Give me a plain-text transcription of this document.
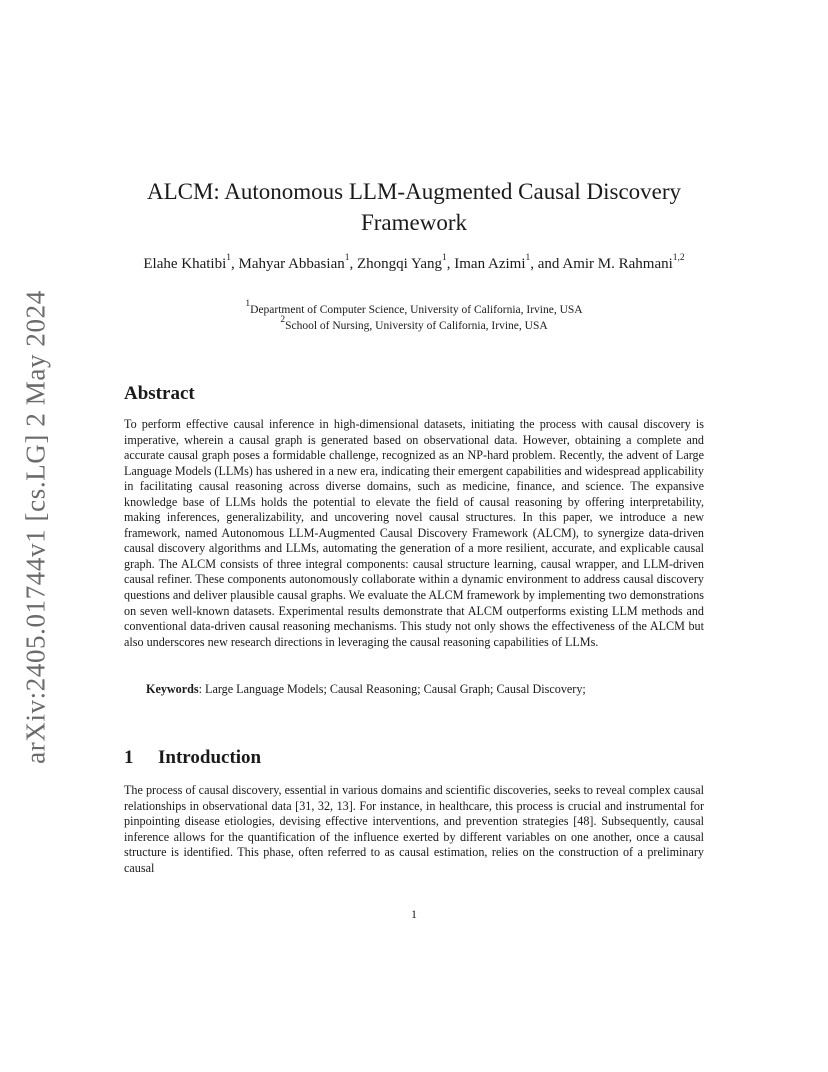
arXiv:2405.01744v1 [cs.LG] 2 May 2024
ALCM: Autonomous LLM-Augmented Causal Discovery Framework

Elahe Khatibi$^1$, Mahyar Abbasian$^1$, Zhongqi Yang$^1$, Iman Azimi$^1$, and Amir M. Rahmani$^{1,2}$

$^1$Department of Computer Science, University of California, Irvine, USA

$^2$School of Nursing, University of California, Irvine, USA

Abstract

To perform effective causal inference in high-dimensional datasets, initiating the process with causal discovery is imperative, wherein a causal graph is generated based on observational data. However, obtaining a complete and accurate causal graph poses a formidable challenge, recognized as an NP-hard problem. Recently, the advent of Large Language Models (LLMs) has ushered in a new era, indicating their emergent capabilities and widespread applicability in facilitating causal reasoning across diverse domains, such as medicine, finance, and science. The expansive knowledge base of LLMs holds the potential to elevate the field of causal reasoning by offering interpretability, making inferences, generalizability, and uncovering novel causal structures. In this paper, we introduce a new framework, named Autonomous LLM-Augmented Causal Discovery Framework (ALCM), to synergize data-driven causal discovery algorithms and LLMs, automating the generation of a more resilient, accurate, and explicable causal graph. The ALCM consists of three integral components: causal structure learning, causal wrapper, and LLM-driven causal refiner. These components autonomously collaborate within a dynamic environment to address causal discovery questions and deliver plausible causal graphs. We evaluate the ALCM framework by implementing two demonstrations on seven well-known datasets. Experimental results demonstrate that ALCM outperforms existing LLM methods and conventional data-driven causal reasoning mechanisms. This study not only shows the effectiveness of the ALCM but also underscores new research directions in leveraging the causal reasoning capabilities of LLMs.

Keywords: Large Language Models; Causal Reasoning; Causal Graph; Causal Discovery;

1 Introduction

The process of causal discovery, essential in various domains and scientific discoveries, seeks to reveal complex causal relationships in observational data [31, 32, 13]. For instance, in healthcare, this process is crucial and instrumental for pinpointing disease etiologies, devising effective interventions, and prevention strategies [48]. Subsequently, causal inference allows for the quantification of the influence exerted by different variables on one another, once a causal structure is identified. This phase, often referred to as causal estimation, relies on the construction of a preliminary causal

1
